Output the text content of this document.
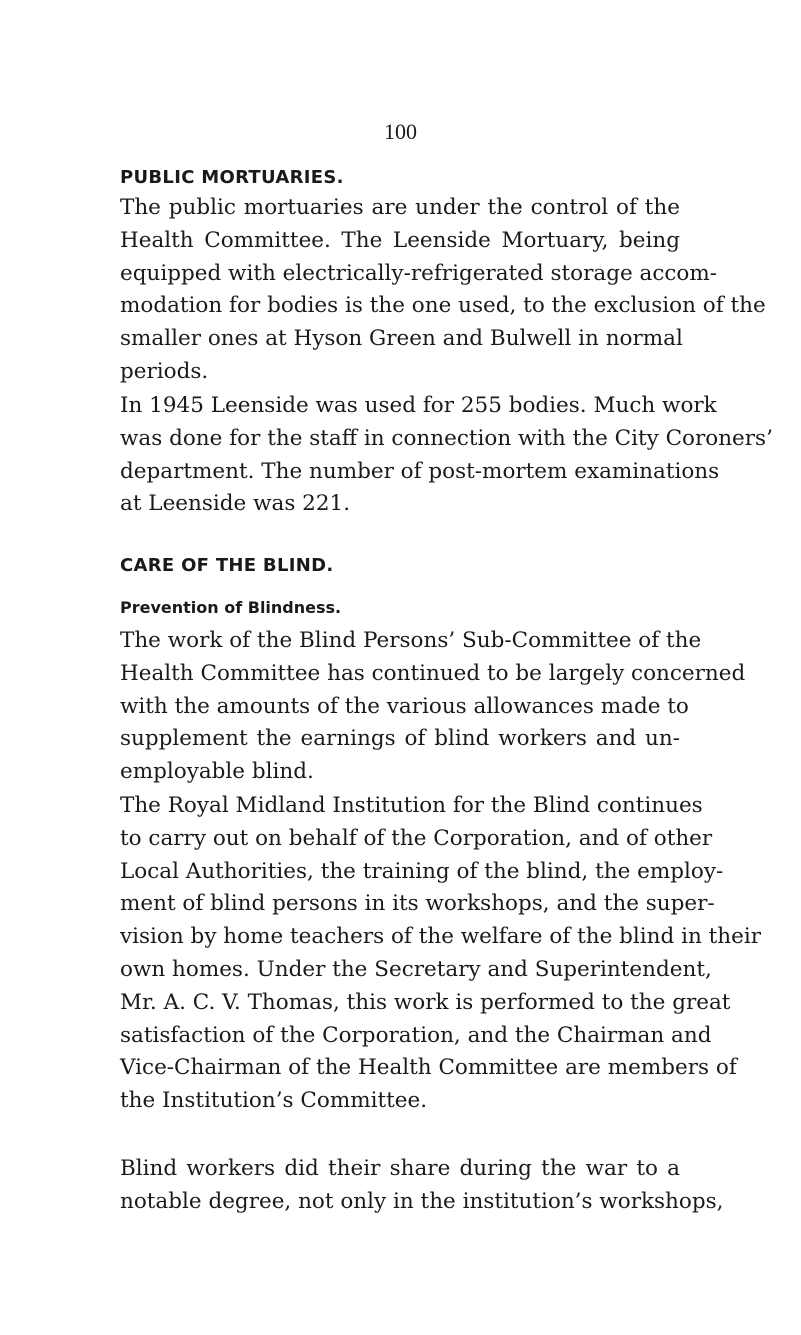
100
PUBLIC MORTUARIES.
The public mortuaries are under the control of the
Health Committee. The Leenside Mortuary, being
equipped with electrically-refrigerated storage accom-
modation for bodies is the one used, to the exclusion of the
smaller ones at Hyson Green and Bulwell in normal
periods.
In 1945 Leenside was used for 255 bodies. Much work
was done for the staff in connection with the City Coroners’
department. The number of post-mortem examinations
at Leenside was 221.
CARE OF THE BLIND.
Prevention of Blindness.
The work of the Blind Persons’ Sub-Committee of the
Health Committee has continued to be largely concerned
with the amounts of the various allowances made to
supplement the earnings of blind workers and un-
employable blind.
The Royal Midland Institution for the Blind continues
to carry out on behalf of the Corporation, and of other
Local Authorities, the training of the blind, the employ-
ment of blind persons in its workshops, and the super-
vision by home teachers of the welfare of the blind in their
own homes. Under the Secretary and Superintendent,
Mr. A. C. V. Thomas, this work is performed to the great
satisfaction of the Corporation, and the Chairman and
Vice-Chairman of the Health Committee are members of
the Institution’s Committee.
Blind workers did their share during the war to a
notable degree, not only in the institution’s workshops,
